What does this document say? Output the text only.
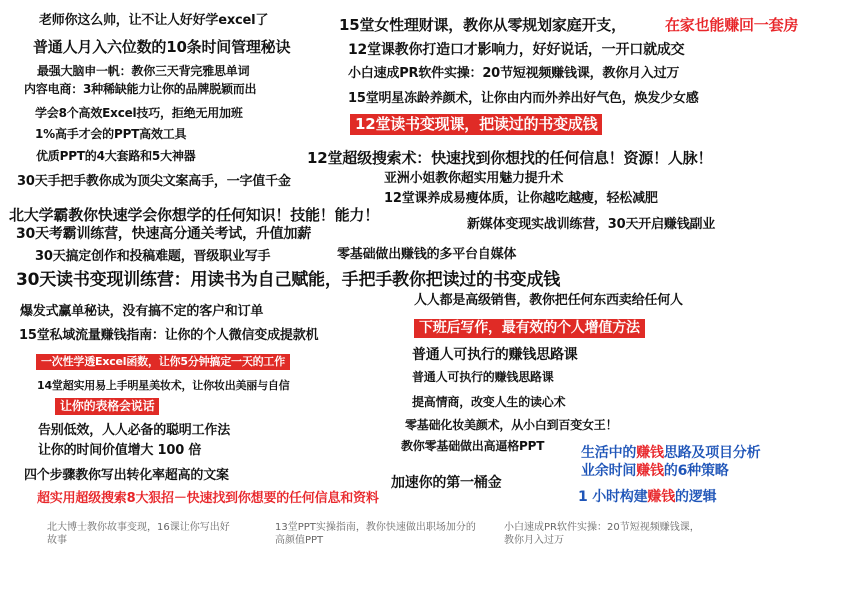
老师你这么帅，让不让人好好学excel了
普通人月入六位数的10条时间管理秘诀
最强大脑申一帆：教你三天背完雅思单词
内容电商：3种稀缺能力让你的品牌脱颖而出
学会8个高效Excel技巧，拒绝无用加班
1%高手才会的PPT高效工具
优质PPT的4大套路和5大神器
30天手把手教你成为顶尖文案高手，一字值千金
北大学霸教你快速学会你想学的任何知识！技能！能力！
30天考霸训练营，快速高分通关考试，升值加薪
30天搞定创作和投稿难题，晋级职业写手
30天读书变现训练营：用读书为自己赋能，手把手教你把读过的书变成钱
爆发式赢单秘诀，没有搞不定的客户和订单
15堂私域流量赚钱指南：让你的个人微信变成提款机
一次性学透Excel函数，让你5分钟搞定一天的工作
14堂超实用易上手明星美妆术，让你妆出美丽与自信
让你的表格会说话
告别低效，人人必备的聪明工作法
让你的时间价值增大 100 倍
四个步骤教你写出转化率超高的文案
超实用超级搜索8大狠招－快速找到你想要的任何信息和资料
15堂女性理财课，教你从零规划家庭开支，	在家也能赚回一套房
12堂课教你打造口才影响力，好好说话，一开口就成交
小白速成PR软件实操：20节短视频赚钱课，教你月入过万
15堂明星冻龄养颜术，让你由内而外养出好气色，焕发少女感
12堂读书变现课，把读过的书变成钱
12堂超级搜索术：快速找到你想找的任何信息！资源！人脉！
亚洲小姐教你超实用魅力提升术
12堂课养成易瘦体质，让你越吃越瘦，轻松减肥
新媒体变现实战训练营，30天开启赚钱副业
零基础做出赚钱的多平台自媒体
人人都是高级销售，教你把任何东西卖给任何人
下班后写作，最有效的个人增值方法
普通人可执行的赚钱思路课
普通人可执行的赚钱思路课
提高情商，改变人生的读心术
零基础化妆美颜术，从小白到百变女王！
教你零基础做出高逼格PPT
加速你的第一桶金
生活中的赚钱思路及项目分析
业余时间赚钱的6种策略
1 小时构建赚钱的逻辑
北大博士教你故事变现，16课让你写出好故事
13堂PPT实操指南，教你快速做出职场加分的高颜值PPT
小白速成PR软件实操：20节短视频赚钱课，教你月入过万
